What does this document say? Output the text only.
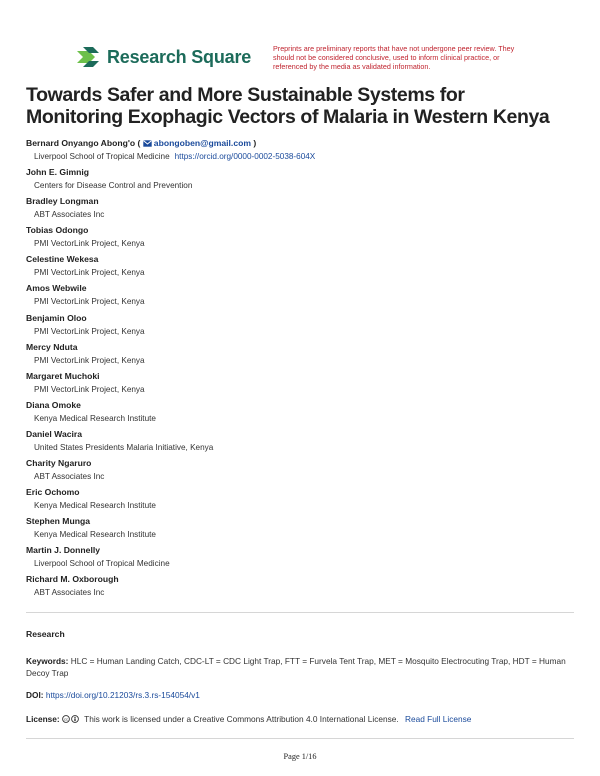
Research Square	Preprints are preliminary reports that have not undergone peer review. They should not be considered conclusive, used to inform clinical practice, or referenced by the media as validated information.
Towards Safer and More Sustainable Systems for Monitoring Exophagic Vectors of Malaria in Western Kenya
Bernard Onyango Abong'o ( abongoben@gmail.com )
Liverpool School of Tropical Medicine https://orcid.org/0000-0002-5038-604X
John E. Gimnig
Centers for Disease Control and Prevention
Bradley Longman
ABT Associates Inc
Tobias Odongo
PMI VectorLink Project, Kenya
Celestine Wekesa
PMI VectorLink Project, Kenya
Amos Webwile
PMI VectorLink Project, Kenya
Benjamin Oloo
PMI VectorLink Project, Kenya
Mercy Nduta
PMI VectorLink Project, Kenya
Margaret Muchoki
PMI VectorLink Project, Kenya
Diana Omoke
Kenya Medical Research Institute
Daniel Wacira
United States Presidents Malaria Initiative, Kenya
Charity Ngaruro
ABT Associates Inc
Eric Ochomo
Kenya Medical Research Institute
Stephen Munga
Kenya Medical Research Institute
Martin J. Donnelly
Liverpool School of Tropical Medicine
Richard M. Oxborough
ABT Associates Inc
Research
Keywords: HLC = Human Landing Catch, CDC-LT = CDC Light Trap, FTT = Furvela Tent Trap, MET = Mosquito Electrocuting Trap, HDT = Human Decoy Trap
DOI: https://doi.org/10.21203/rs.3.rs-154054/v1
License: cc This work is licensed under a Creative Commons Attribution 4.0 International License. Read Full License
Page 1/16
